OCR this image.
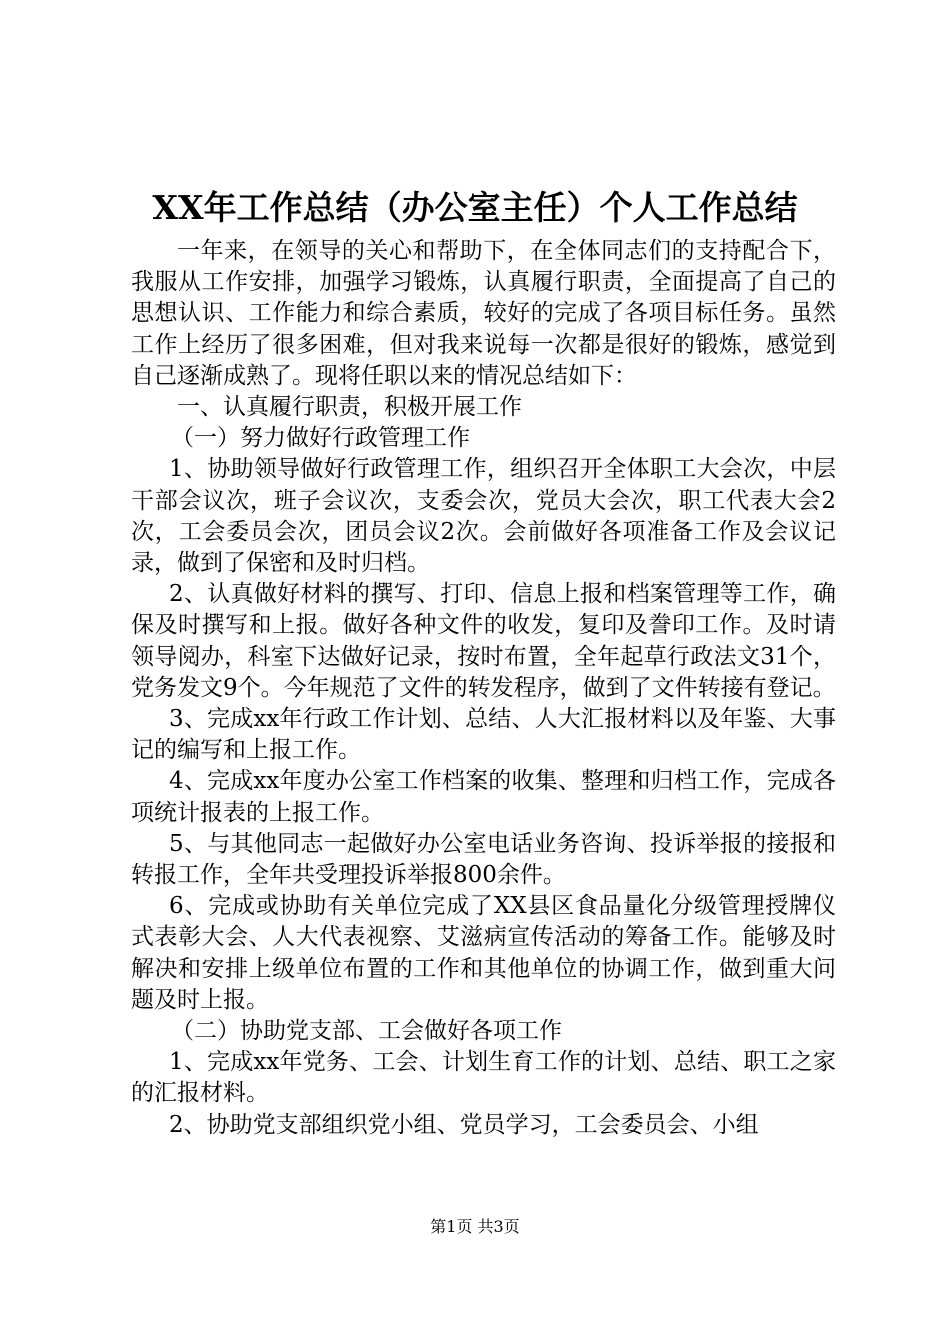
XX年工作总结（办公室主任）个人工作总结

一年来，在领导的关心和帮助下，在全体同志们的支持配合下，我服从工作安排，加强学习锻炼，认真履行职责，全面提高了自己的思想认识、工作能力和综合素质，较好的完成了各项目标任务。虽然工作上经历了很多困难，但对我来说每一次都是很好的锻炼，感觉到自己逐渐成熟了。现将任职以来的情况总结如下：

一、认真履行职责，积极开展工作

（一）努力做好行政管理工作

1、协助领导做好行政管理工作，组织召开全体职工大会次，中层干部会议次，班子会议次，支委会次，党员大会次，职工代表大会2次，工会委员会次，团员会议2次。会前做好各项准备工作及会议记录，做到了保密和及时归档。

2、认真做好材料的撰写、打印、信息上报和档案管理等工作，确保及时撰写和上报。做好各种文件的收发，复印及誊印工作。及时请领导阅办，科室下达做好记录，按时布置，全年起草行政法文31个，党务发文9个。今年规范了文件的转发程序，做到了文件转接有登记。

3、完成xx年行政工作计划、总结、人大汇报材料以及年鉴、大事记的编写和上报工作。

4、完成xx年度办公室工作档案的收集、整理和归档工作，完成各项统计报表的上报工作。

5、与其他同志一起做好办公室电话业务咨询、投诉举报的接报和转报工作，全年共受理投诉举报800余件。

6、完成或协助有关单位完成了XX县区食品量化分级管理授牌仪式表彰大会、人大代表视察、艾滋病宣传活动的筹备工作。能够及时解决和安排上级单位布置的工作和其他单位的协调工作，做到重大问题及时上报。

（二）协助党支部、工会做好各项工作

1、完成xx年党务、工会、计划生育工作的计划、总结、职工之家的汇报材料。

2、协助党支部组织党小组、党员学习，工会委员会、小组

第1页 共3页
